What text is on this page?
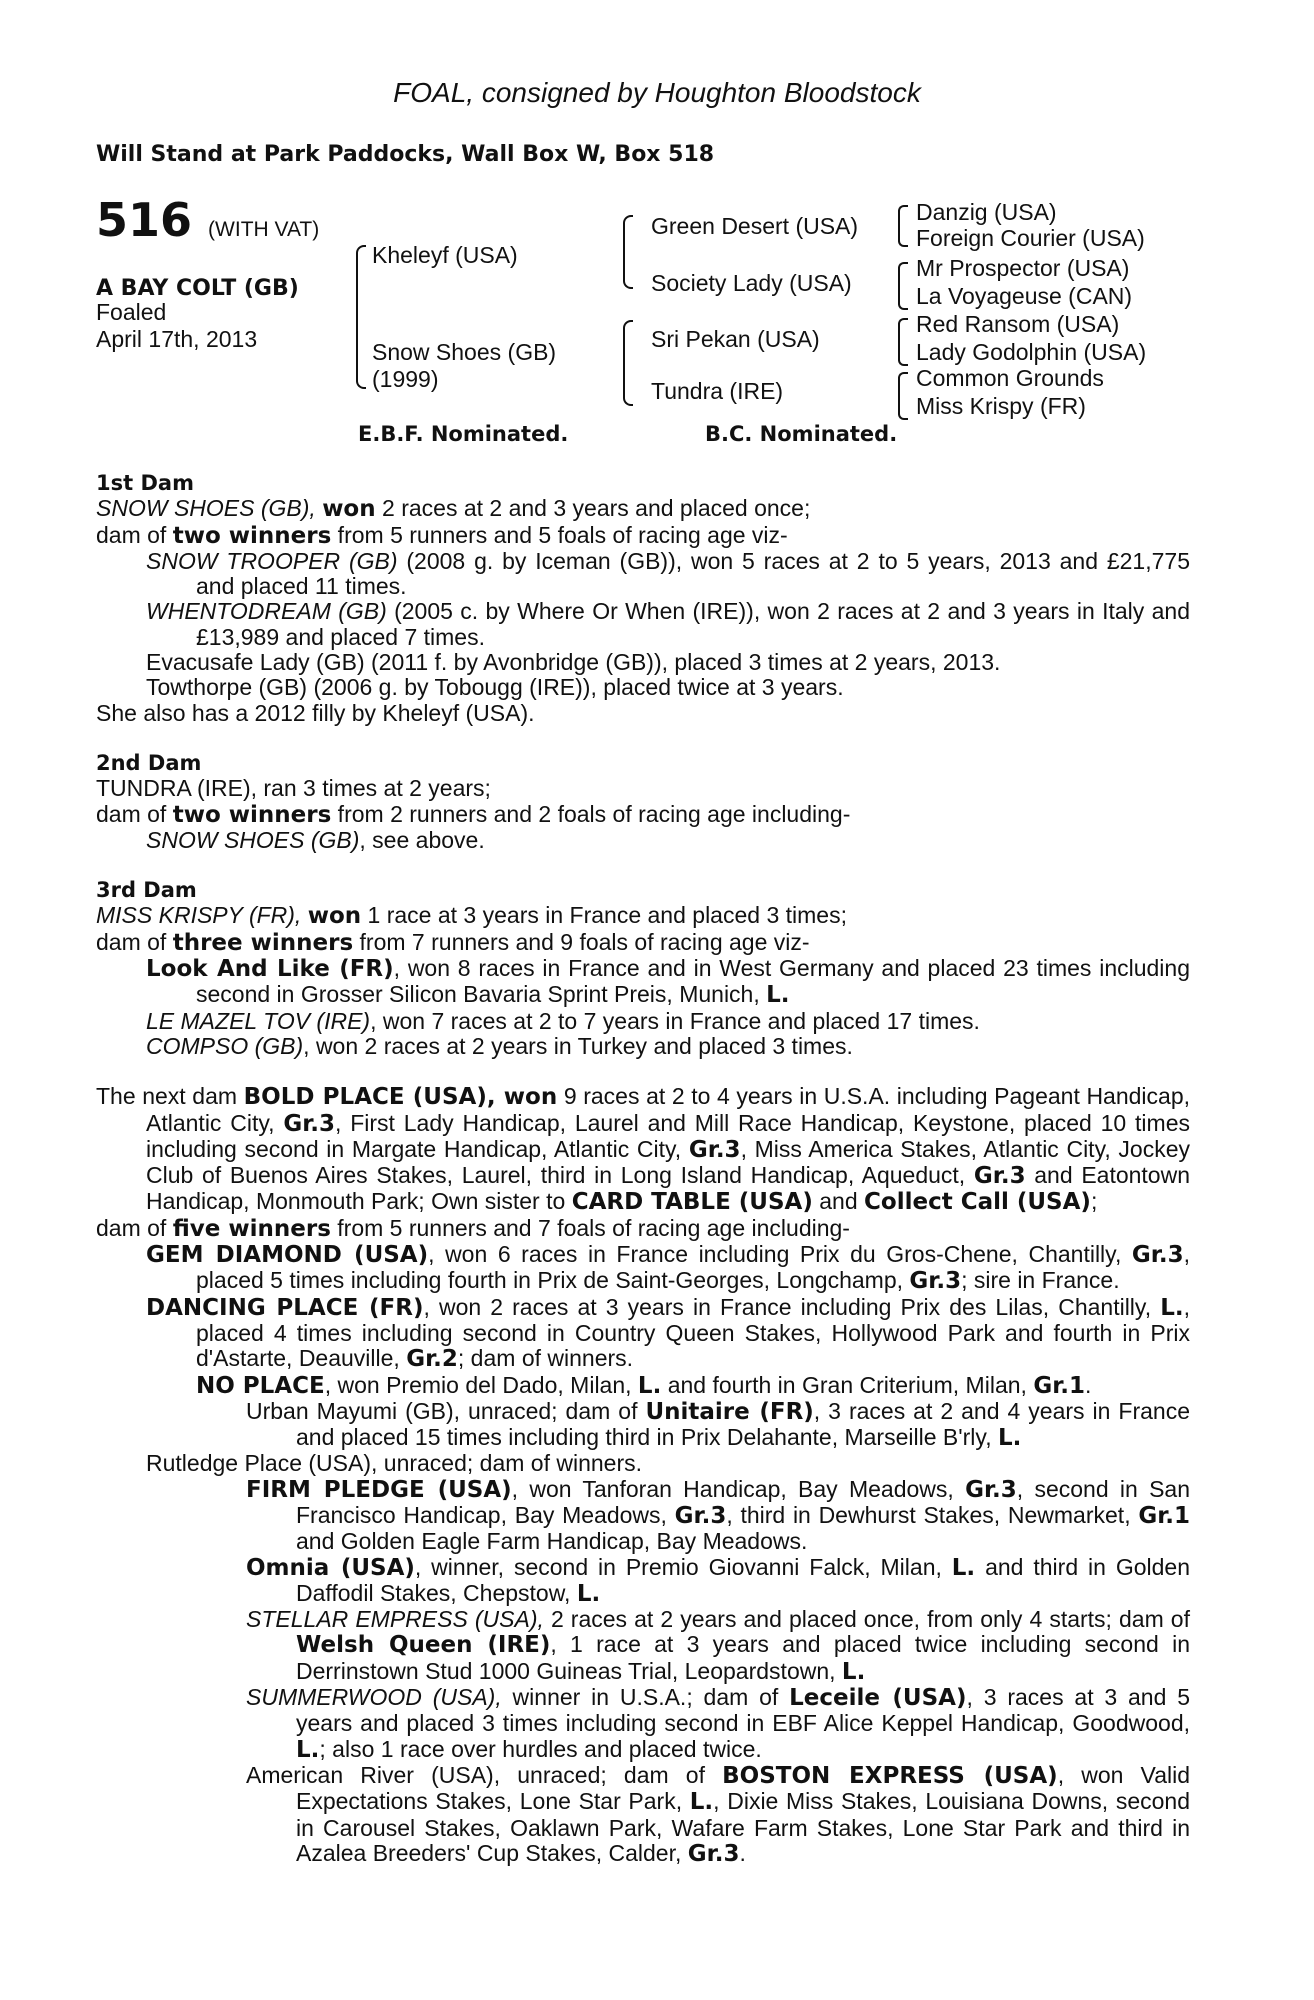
FOAL, consigned by Houghton Bloodstock
Will Stand at Park Paddocks, Wall Box W, Box 518
516 (WITH VAT)
A BAY COLT (GB)
Foaled
April 17th, 2013
Kheleyf (USA)
Snow Shoes (GB)
(1999)
Green Desert (USA)
Society Lady (USA)
Sri Pekan (USA)
Tundra (IRE)
Danzig (USA)
Foreign Courier (USA)
Mr Prospector (USA)
La Voyageuse (CAN)
Red Ransom (USA)
Lady Godolphin (USA)
Common Grounds
Miss Krispy (FR)
E.B.F. Nominated.	B.C. Nominated.
1st Dam
SNOW SHOES (GB), won 2 races at 2 and 3 years and placed once;
dam of two winners from 5 runners and 5 foals of racing age viz-
SNOW TROOPER (GB) (2008 g. by Iceman (GB)), won 5 races at 2 to 5 years, 2013 and £21,775 and placed 11 times.
WHENTODREAM (GB) (2005 c. by Where Or When (IRE)), won 2 races at 2 and 3 years in Italy and £13,989 and placed 7 times.
Evacusafe Lady (GB) (2011 f. by Avonbridge (GB)), placed 3 times at 2 years, 2013.
Towthorpe (GB) (2006 g. by Tobougg (IRE)), placed twice at 3 years.
She also has a 2012 filly by Kheleyf (USA).
2nd Dam
TUNDRA (IRE), ran 3 times at 2 years;
dam of two winners from 2 runners and 2 foals of racing age including-
SNOW SHOES (GB), see above.
3rd Dam
MISS KRISPY (FR), won 1 race at 3 years in France and placed 3 times;
dam of three winners from 7 runners and 9 foals of racing age viz-
Look And Like (FR), won 8 races in France and in West Germany and placed 23 times including second in Grosser Silicon Bavaria Sprint Preis, Munich, L.
LE MAZEL TOV (IRE), won 7 races at 2 to 7 years in France and placed 17 times.
COMPSO (GB), won 2 races at 2 years in Turkey and placed 3 times.
The next dam BOLD PLACE (USA), won 9 races at 2 to 4 years in U.S.A. including Pageant Handicap, Atlantic City, Gr.3, First Lady Handicap, Laurel and Mill Race Handicap, Keystone, placed 10 times including second in Margate Handicap, Atlantic City, Gr.3, Miss America Stakes, Atlantic City, Jockey Club of Buenos Aires Stakes, Laurel, third in Long Island Handicap, Aqueduct, Gr.3 and Eatontown Handicap, Monmouth Park; Own sister to CARD TABLE (USA) and Collect Call (USA);
dam of five winners from 5 runners and 7 foals of racing age including-
GEM DIAMOND (USA), won 6 races in France including Prix du Gros-Chene, Chantilly, Gr.3, placed 5 times including fourth in Prix de Saint-Georges, Longchamp, Gr.3; sire in France.
DANCING PLACE (FR), won 2 races at 3 years in France including Prix des Lilas, Chantilly, L., placed 4 times including second in Country Queen Stakes, Hollywood Park and fourth in Prix d'Astarte, Deauville, Gr.2; dam of winners.
NO PLACE, won Premio del Dado, Milan, L. and fourth in Gran Criterium, Milan, Gr.1.
Urban Mayumi (GB), unraced; dam of Unitaire (FR), 3 races at 2 and 4 years in France and placed 15 times including third in Prix Delahante, Marseille B'rly, L.
Rutledge Place (USA), unraced; dam of winners.
FIRM PLEDGE (USA), won Tanforan Handicap, Bay Meadows, Gr.3, second in San Francisco Handicap, Bay Meadows, Gr.3, third in Dewhurst Stakes, Newmarket, Gr.1 and Golden Eagle Farm Handicap, Bay Meadows.
Omnia (USA), winner, second in Premio Giovanni Falck, Milan, L. and third in Golden Daffodil Stakes, Chepstow, L.
STELLAR EMPRESS (USA), 2 races at 2 years and placed once, from only 4 starts; dam of Welsh Queen (IRE), 1 race at 3 years and placed twice including second in Derrinstown Stud 1000 Guineas Trial, Leopardstown, L.
SUMMERWOOD (USA), winner in U.S.A.; dam of Leceile (USA), 3 races at 3 and 5 years and placed 3 times including second in EBF Alice Keppel Handicap, Goodwood, L.; also 1 race over hurdles and placed twice.
American River (USA), unraced; dam of BOSTON EXPRESS (USA), won Valid Expectations Stakes, Lone Star Park, L., Dixie Miss Stakes, Louisiana Downs, second in Carousel Stakes, Oaklawn Park, Wafare Farm Stakes, Lone Star Park and third in Azalea Breeders' Cup Stakes, Calder, Gr.3.
